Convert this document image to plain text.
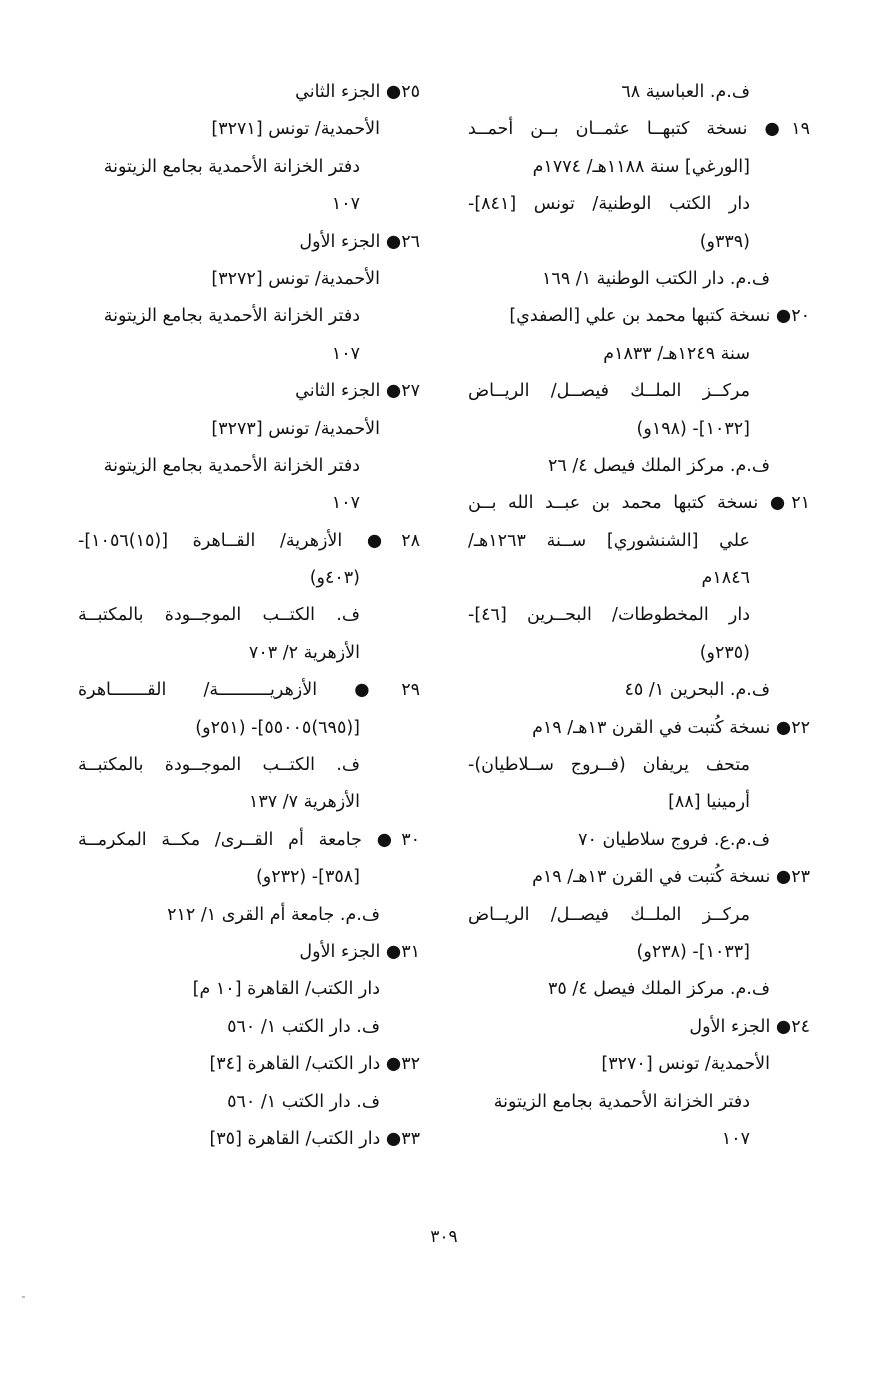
ف.م. العباسية ٦٨
١٩● نسخة كتبهــا عثمــان بــن أحمــد
[الورغي] سنة ١١٨٨هـ/ ١٧٧٤م
دار الكتب الوطنية/ تونس [٨٤١]-
(٣٣٩و)
ف.م. دار الكتب الوطنية ١/ ١٦٩
٢٠● نسخة كتبها محمد بن علي [الصفدي]
سنة ١٢٤٩هـ/ ١٨٣٣م
مركــز الملــك فيصــل/ الريــاض
[١٠٣٢]- (١٩٨و)
ف.م. مركز الملك فيصل ٤/ ٢٦
٢١● نسخة كتبها محمد بن عبــد الله بــن
علي [الشنشوري] ســنة ١٢٦٣هـ/
١٨٤٦م
دار المخطوطات/ البحــرين [٤٦]-
(٢٣٥و)
ف.م. البحرين ١/ ٤٥
٢٢● نسخة كُتبت في القرن ١٣هـ/ ١٩م
متحف يريفان (فــروج ســلاطيان)-
أرمينيا [٨٨]
ف.م.ع. فروج سلاطيان ٧٠
٢٣● نسخة كُتبت في القرن ١٣هـ/ ١٩م
مركــز الملــك فيصــل/ الريــاض
[١٠٣٣]- (٢٣٨و)
ف.م. مركز الملك فيصل ٤/ ٣٥
٢٤● الجزء الأول
الأحمدية/ تونس [٣٢٧٠]
دفتر الخزانة الأحمدية بجامع الزيتونة
١٠٧
٢٥● الجزء الثاني
الأحمدية/ تونس [٣٢٧١]
دفتر الخزانة الأحمدية بجامع الزيتونة
١٠٧
٢٦● الجزء الأول
الأحمدية/ تونس [٣٢٧٢]
دفتر الخزانة الأحمدية بجامع الزيتونة
١٠٧
٢٧● الجزء الثاني
الأحمدية/ تونس [٣٢٧٣]
دفتر الخزانة الأحمدية بجامع الزيتونة
١٠٧
٢٨● الأزهرية/ القــاهرة [(١٥)١٠٥٦]-
(٤٠٣و)
ف. الكتــب الموجــودة بالمكتبــة
الأزهرية ٢/ ٧٠٣
٢٩● الأزهريــــــــــة/ القـــــــاهرة
[(٦٩٥)٥٥٠٠٥]- (٢٥١و)
ف. الكتــب الموجــودة بالمكتبــة
الأزهرية ٧/ ١٣٧
٣٠● جامعة أم القــرى/ مكــة المكرمــة
[٣٥٨]- (٢٣٢و)
ف.م. جامعة أم القرى ١/ ٢١٢
٣١● الجزء الأول
دار الكتب/ القاهرة [١٠ م]
ف. دار الكتب ١/ ٥٦٠
٣٢● دار الكتب/ القاهرة [٣٤]
ف. دار الكتب ١/ ٥٦٠
٣٣● دار الكتب/ القاهرة [٣٥]
٣٠٩
